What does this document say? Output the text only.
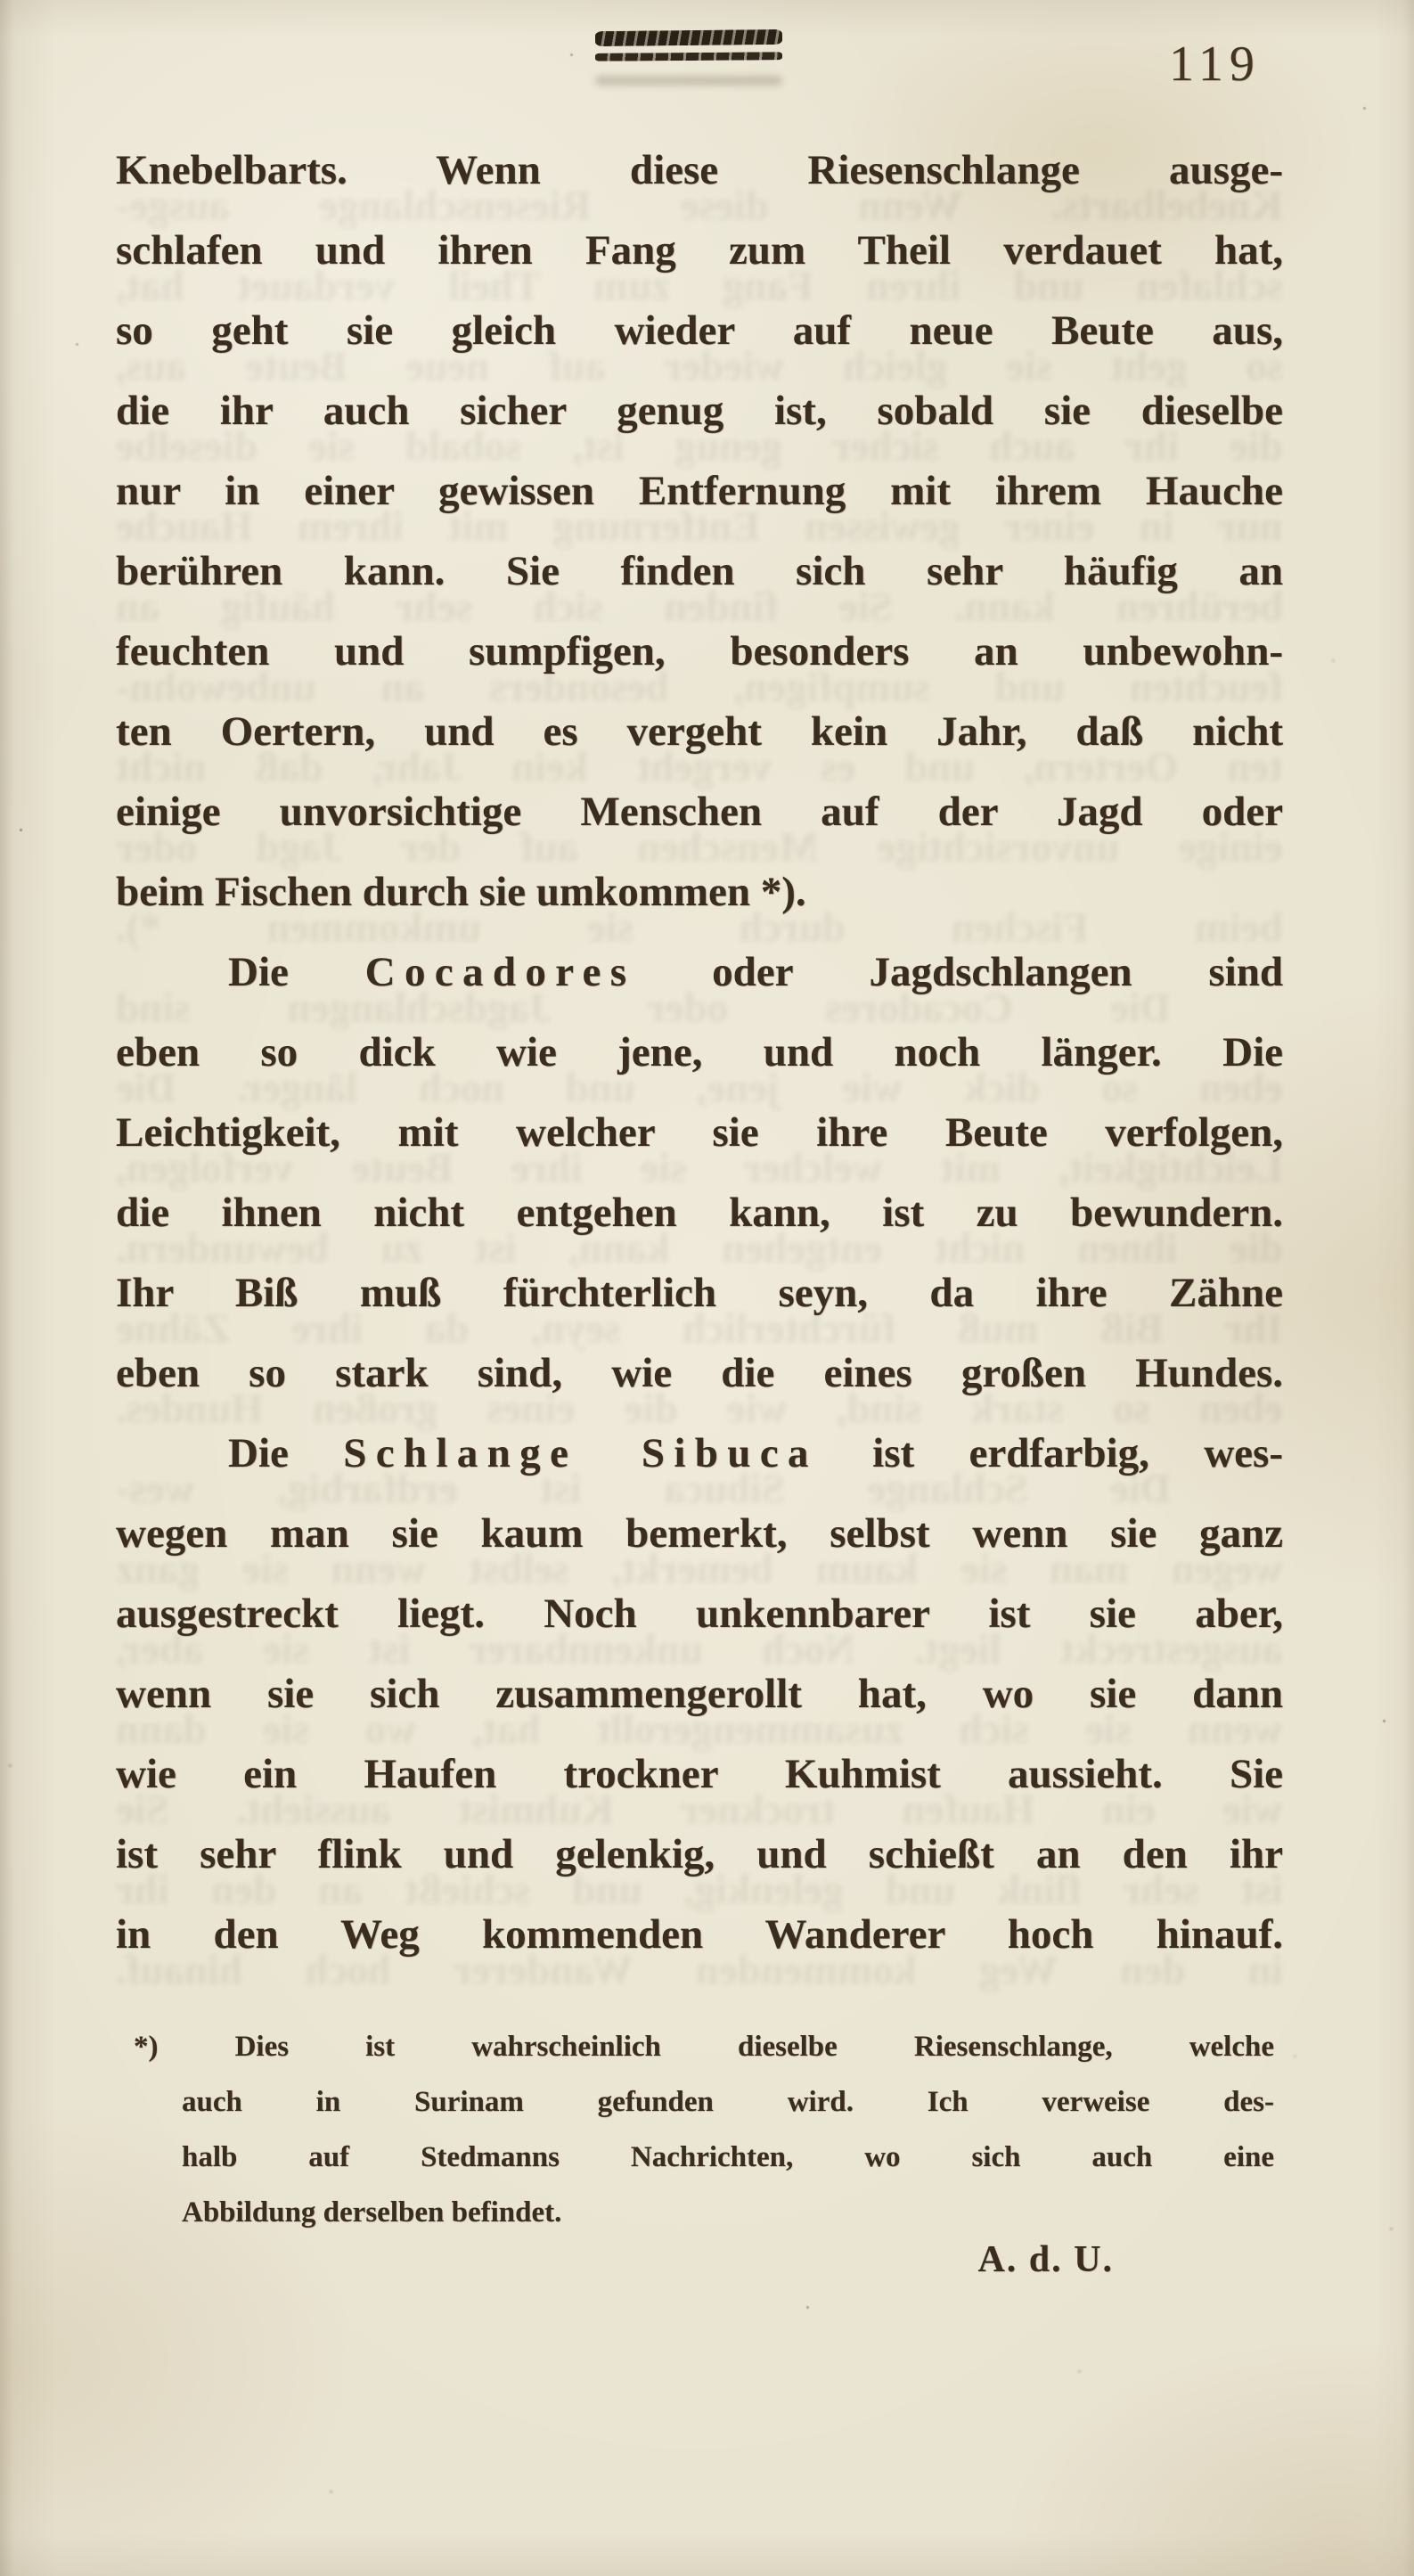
Knebelbarts. Wenn diese Riesenschlange ausge-
schlafen und ihren Fang zum Theil verdauet hat,
so geht sie gleich wieder auf neue Beute aus,
die ihr auch sicher genug ist, sobald sie dieselbe
nur in einer gewissen Entfernung mit ihrem Hauche
berühren kann. Sie finden sich sehr häufig an
feuchten und sumpfigen, besonders an unbewohn-
ten Oertern, und es vergeht kein Jahr, daß nicht
einige unvorsichtige Menschen auf der Jagd oder
beim Fischen durch sie umkommen *).
Die Cocadores oder Jagdschlangen sind
eben so dick wie jene, und noch länger. Die
Leichtigkeit, mit welcher sie ihre Beute verfolgen,
die ihnen nicht entgehen kann, ist zu bewundern.
Ihr Biß muß fürchterlich seyn, da ihre Zähne
eben so stark sind, wie die eines großen Hundes.
Die Schlange Sibuca ist erdfarbig, wes-
wegen man sie kaum bemerkt, selbst wenn sie ganz
ausgestreckt liegt. Noch unkennbarer ist sie aber,
wenn sie sich zusammengerollt hat, wo sie dann
wie ein Haufen trockner Kuhmist aussieht. Sie
ist sehr flink und gelenkig, und schießt an den ihr
in den Weg kommenden Wanderer hoch hinauf.
119
Knebelbarts. Wenn diese Riesenschlange ausge-
schlafen und ihren Fang zum Theil verdauet hat,
so geht sie gleich wieder auf neue Beute aus,
die ihr auch sicher genug ist, sobald sie dieselbe
nur in einer gewissen Entfernung mit ihrem Hauche
berühren kann. Sie finden sich sehr häufig an
feuchten und sumpfigen, besonders an unbewohn-
ten Oertern, und es vergeht kein Jahr, daß nicht
einige unvorsichtige Menschen auf der Jagd oder
beim Fischen durch sie umkommen *).
Die Cocadores oder Jagdschlangen sind
eben so dick wie jene, und noch länger. Die
Leichtigkeit, mit welcher sie ihre Beute verfolgen,
die ihnen nicht entgehen kann, ist zu bewundern.
Ihr Biß muß fürchterlich seyn, da ihre Zähne
eben so stark sind, wie die eines großen Hundes.
Die Schlange Sibuca ist erdfarbig, wes-
wegen man sie kaum bemerkt, selbst wenn sie ganz
ausgestreckt liegt. Noch unkennbarer ist sie aber,
wenn sie sich zusammengerollt hat, wo sie dann
wie ein Haufen trockner Kuhmist aussieht. Sie
ist sehr flink und gelenkig, und schießt an den ihr
in den Weg kommenden Wanderer hoch hinauf.
*) Dies ist wahrscheinlich dieselbe Riesenschlange, welche
auch in Surinam gefunden wird. Ich verweise des-
halb auf Stedmanns Nachrichten, wo sich auch eine
Abbildung derselben befindet.
A. d. U.
